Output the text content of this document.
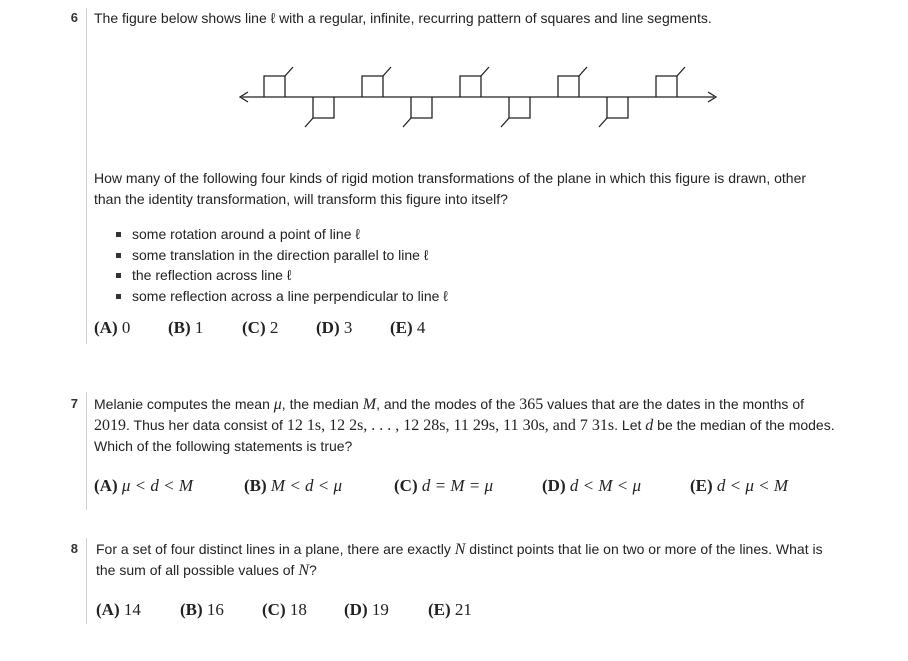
6 The figure below shows line ℓ with a regular, infinite, recurring pattern of squares and line segments.

How many of the following four kinds of rigid motion transformations of the plane in which this figure is drawn, other

than the identity transformation, will transform this figure into itself?

some rotation around a point of line ℓ
some translation in the direction parallel to line ℓ
the reflection across line ℓ
some reflection across a line perpendicular to line ℓ
(A) 0 (B) 1 (C) 2 (D) 3 (E) 4
7 Melanie computes the mean μ, the median M, and the modes of the 365 values that are the dates in the months of

2019. Thus her data consist of 12 1s, 12 2s, . . . , 12 28s, 11 29s, 11 30s, and 7 31s. Let d be the median of the modes.

Which of the following statements is true?

(A) μ < d < M	(B) M < d < μ	(C) d = M = μ	(D) d < M < μ	(E) d < μ < M
8 For a set of four distinct lines in a plane, there are exactly N distinct points that lie on two or more of the lines. What is

the sum of all possible values of N?

(A) 14 (B) 16 (C) 18 (D) 19 (E) 21
